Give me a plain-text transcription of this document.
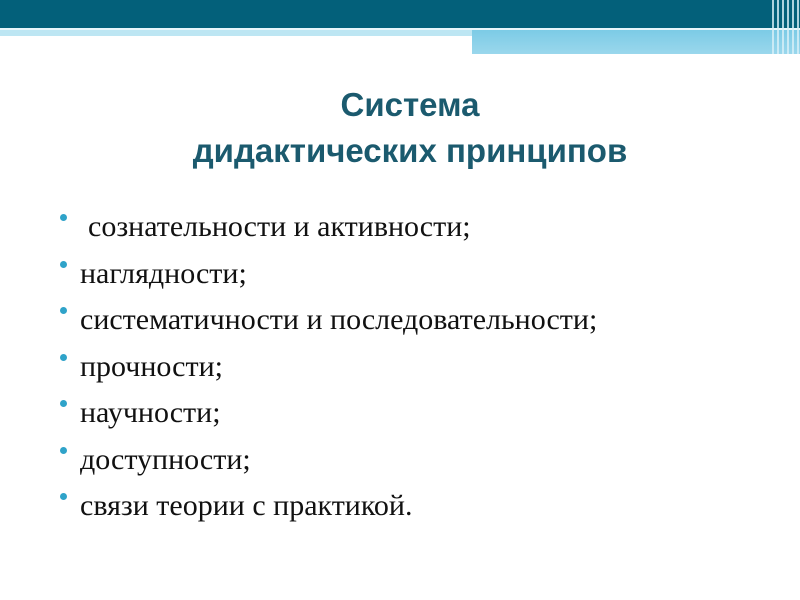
Система
дидактических принципов
сознательности и активности;
наглядности;
систематичности и последовательности;
прочности;
научности;
доступности;
связи теории с практикой.
